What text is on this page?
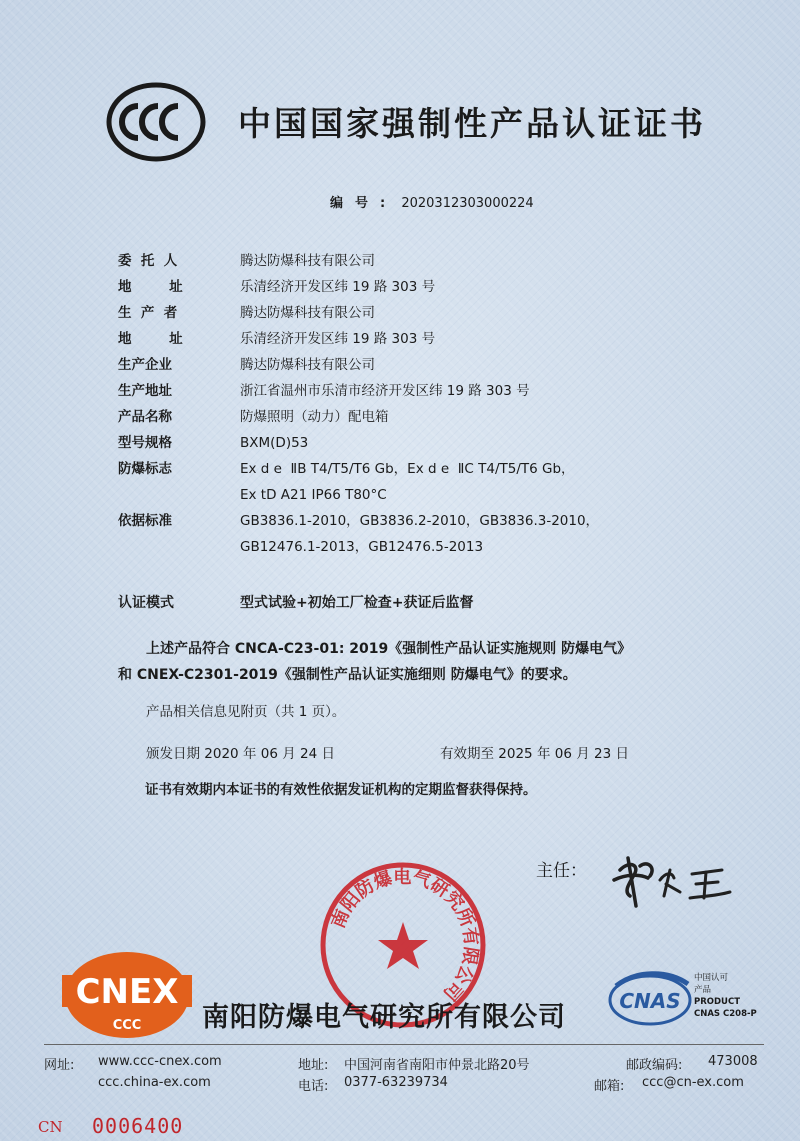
中国国家强制性产品认证证书
编号: 2020312303000224
委  托  人	腾达防爆科技有限公司
地        址	乐清经济开发区纬 19 路 303 号
生  产  者	腾达防爆科技有限公司
地        址	乐清经济开发区纬 19 路 303 号
生产企业	腾达防爆科技有限公司
生产地址	浙江省温州市乐清市经济开发区纬 19 路 303 号
产品名称	防爆照明（动力）配电箱
型号规格	BXM(D)53
防爆标志	Ex d e  ⅡB T4/T5/T6 Gb，Ex d e  ⅡC T4/T5/T6 Gb，
Ex tD A21 IP66 T80°C
依据标准	GB3836.1-2010，GB3836.2-2010，GB3836.3-2010，
GB12476.1-2013，GB12476.5-2013
认证模式	型式试验+初始工厂检查+获证后监督
上述产品符合 CNCA-C23-01: 2019《强制性产品认证实施规则 防爆电气》
和 CNEX-C2301-2019《强制性产品认证实施细则 防爆电气》的要求。
产品相关信息见附页（共 1 页）。
颁发日期 2020 年 06 月 24 日	有效期至 2025 年 06 月 23 日
证书有效期内本证书的有效性依据发证机构的定期监督获得保持。
主任：
南阳防爆电气研究所有限公司
CNEX
CCC 南阳防爆电气研究所有限公司
CNAS
中国认可
产品
PRODUCT
CNAS C208-P
网址: www.ccc-cnex.com
ccc.china-ex.com
地址: 中国河南省南阳市仲景北路20号
电话: 0377-63239734
邮政编码: 473008
邮箱: ccc@cn-ex.com
CN 0006400
